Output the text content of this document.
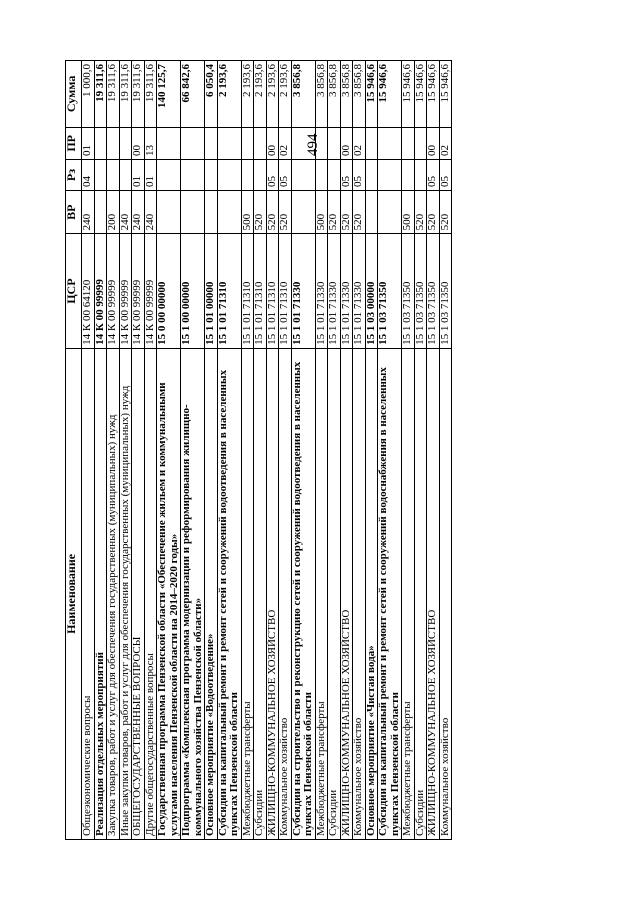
494
Наименование	ЦСР	ВР	Рз	ПР	Сумма
Общеэкономические вопросы	14 К 00 64120	240	04	01	1 000,0
Реализация отдельных мероприятий	14 К 00 99999				19 311,6
Закупка товаров, работ и услуг для обеспечения государственных (муниципальных) нужд	14 К 00 99999	200			19 311,6
Иные закупки товаров, работ и услуг для обеспечения государственных (муниципальных) нужд	14 К 00 99999	240			19 311,6
ОБЩЕГОСУДАРСТВЕННЫЕ ВОПРОСЫ	14 К 00 99999	240	01	00	19 311,6
Другие общегосударственные вопросы	14 К 00 99999	240	01	13	19 311,6
Государственная программа Пензенской области «Обеспечение жильем и коммунальными услугами населения Пензенской области на 2014–2020 годы»	15 0 00 00000				140 125,7
Подпрограмма «Комплексная программа модернизации и реформирования жилищно-коммунального хозяйства Пензенской области»	15 1 00 00000				66 842,6
Основное мероприятие «Водоотведение»	15 1 01 00000				6 050,4
Субсидии на капитальный ремонт и ремонт сетей и сооружений водоотведения в населенных пунктах Пензенской области	15 1 01 71310				2 193,6
Межбюджетные трансферты	15 1 01 71310	500			2 193,6
Субсидии	15 1 01 71310	520			2 193,6
ЖИЛИЩНО-КОММУНАЛЬНОЕ ХОЗЯЙСТВО	15 1 01 71310	520	05	00	2 193,6
Коммунальное хозяйство	15 1 01 71310	520	05	02	2 193,6
Субсидии на строительство и реконструкцию сетей и сооружений водоотведения в населенных пунктах Пензенской области	15 1 01 71330				3 856,8
Межбюджетные трансферты	15 1 01 71330	500			3 856,8
Субсидии	15 1 01 71330	520			3 856,8
ЖИЛИЩНО-КОММУНАЛЬНОЕ ХОЗЯЙСТВО	15 1 01 71330	520	05	00	3 856,8
Коммунальное хозяйство	15 1 01 71330	520	05	02	3 856,8
Основное мероприятие «Чистая вода»	15 1 03 00000				15 946,6
Субсидии на капитальный ремонт и ремонт сетей и сооружений водоснабжения в населенных пунктах Пензенской области	15 1 03 71350				15 946,6
Межбюджетные трансферты	15 1 03 71350	500			15 946,6
Субсидии	15 1 03 71350	520			15 946,6
ЖИЛИЩНО-КОММУНАЛЬНОЕ ХОЗЯЙСТВО	15 1 03 71350	520	05	00	15 946,6
Коммунальное хозяйство	15 1 03 71350	520	05	02	15 946,6
